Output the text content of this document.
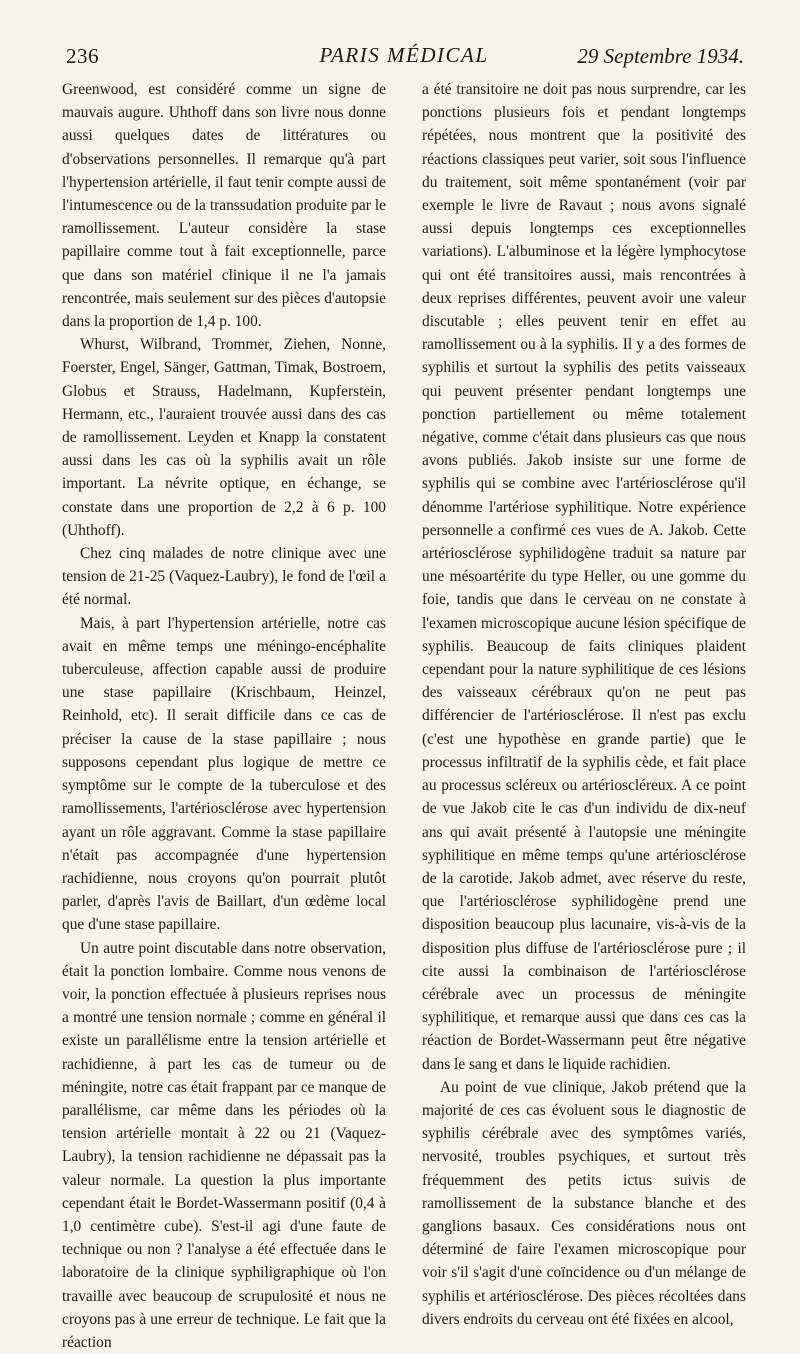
236	PARIS MÉDICAL	29 Septembre 1934.

Greenwood, est considéré comme un signe de mauvais augure. Uhthoff dans son livre nous donne aussi quelques dates de littératures ou d'observations personnelles. Il remarque qu'à part l'hypertension artérielle, il faut tenir compte aussi de l'intumescence ou de la transsudation produite par le ramollissement. L'auteur considère la stase papillaire comme tout à fait exceptionnelle, parce que dans son matériel clinique il ne l'a jamais rencontrée, mais seulement sur des pièces d'autopsie dans la proportion de 1,4 p. 100.

Whurst, Wilbrand, Trommer, Ziehen, Nonne, Foerster, Engel, Sänger, Gattman, Timak, Bostroem, Globus et Strauss, Hadelmann, Kupferstein, Hermann, etc., l'auraient trouvée aussi dans des cas de ramollissement. Leyden et Knapp la constatent aussi dans les cas où la syphilis avait un rôle important. La névrite optique, en échange, se constate dans une proportion de 2,2 à 6 p. 100 (Uhthoff).

Chez cinq malades de notre clinique avec une tension de 21-25 (Vaquez-Laubry), le fond de l'œil a été normal.

Mais, à part l'hypertension artérielle, notre cas avait en même temps une méningo-encéphalite tuberculeuse, affection capable aussi de produire une stase papillaire (Krischbaum, Heinzel, Reinhold, etc). Il serait difficile dans ce cas de préciser la cause de la stase papillaire ; nous supposons cependant plus logique de mettre ce symptôme sur le compte de la tuberculose et des ramollissements, l'artériosclérose avec hypertension ayant un rôle aggravant. Comme la stase papillaire n'était pas accompagnée d'une hypertension rachidienne, nous croyons qu'on pourrait plutôt parler, d'après l'avis de Baillart, d'un œdème local que d'une stase papillaire.

Un autre point discutable dans notre observation, était la ponction lombaire. Comme nous venons de voir, la ponction effectuée à plusieurs reprises nous a montré une tension normale ; comme en général il existe un parallélisme entre la tension artérielle et rachidienne, à part les cas de tumeur ou de méningite, notre cas était frappant par ce manque de parallélisme, car même dans les périodes où la tension artérielle montait à 22 ou 21 (Vaquez-Laubry), la tension rachidienne ne dépassait pas la valeur normale. La question la plus importante cependant était le Bordet-Wassermann positif (0,4 à 1,0 centimètre cube). S'est-il agi d'une faute de technique ou non ? l'analyse a été effectuée dans le laboratoire de la clinique syphiligraphique où l'on travaille avec beaucoup de scrupulosité et nous ne croyons pas à une erreur de technique. Le fait que la réaction

a été transitoire ne doit pas nous surprendre, car les ponctions plusieurs fois et pendant longtemps répétées, nous montrent que la positivité des réactions classiques peut varier, soit sous l'influence du traitement, soit même spontanément (voir par exemple le livre de Ravaut ; nous avons signalé aussi depuis longtemps ces exceptionnelles variations). L'albuminose et la légère lymphocytose qui ont été transitoires aussi, mais rencontrées à deux reprises différentes, peuvent avoir une valeur discutable ; elles peuvent tenir en effet au ramollissement ou à la syphilis. Il y a des formes de syphilis et surtout la syphilis des petits vaisseaux qui peuvent présenter pendant longtemps une ponction partiellement ou même totalement négative, comme c'était dans plusieurs cas que nous avons publiés. Jakob insiste sur une forme de syphilis qui se combine avec l'artériosclérose qu'il dénomme l'artériose syphilitique. Notre expérience personnelle a confirmé ces vues de A. Jakob. Cette artériosclérose syphilidogène traduit sa nature par une mésoartérite du type Heller, ou une gomme du foie, tandis que dans le cerveau on ne constate à l'examen microscopique aucune lésion spécifique de syphilis. Beaucoup de faits cliniques plaident cependant pour la nature syphilitique de ces lésions des vaisseaux cérébraux qu'on ne peut pas différencier de l'artériosclérose. Il n'est pas exclu (c'est une hypothèse en grande partie) que le processus infiltratif de la syphilis cède, et fait place au processus scléreux ou artérioscléreux. A ce point de vue Jakob cite le cas d'un individu de dix-neuf ans qui avait présenté à l'autopsie une méningite syphilitique en même temps qu'une artériosclérose de la carotide. Jakob admet, avec réserve du reste, que l'artériosclérose syphilidogène prend une disposition beaucoup plus lacunaire, vis-à-vis de la disposition plus diffuse de l'artériosclérose pure ; il cite aussi la combinaison de l'artériosclérose cérébrale avec un processus de méningite syphilitique, et remarque aussi que dans ces cas la réaction de Bordet-Wassermann peut être négative dans le sang et dans le liquide rachidien.

Au point de vue clinique, Jakob prétend que la majorité de ces cas évoluent sous le diagnostic de syphilis cérébrale avec des symptômes variés, nervosité, troubles psychiques, et surtout très fréquemment des petits ictus suivis de ramollissement de la substance blanche et des ganglions basaux. Ces considérations nous ont déterminé de faire l'examen microscopique pour voir s'il s'agit d'une coïncidence ou d'un mélange de syphilis et artériosclérose. Des pièces récoltées dans divers endroits du cerveau ont été fixées en alcool,
